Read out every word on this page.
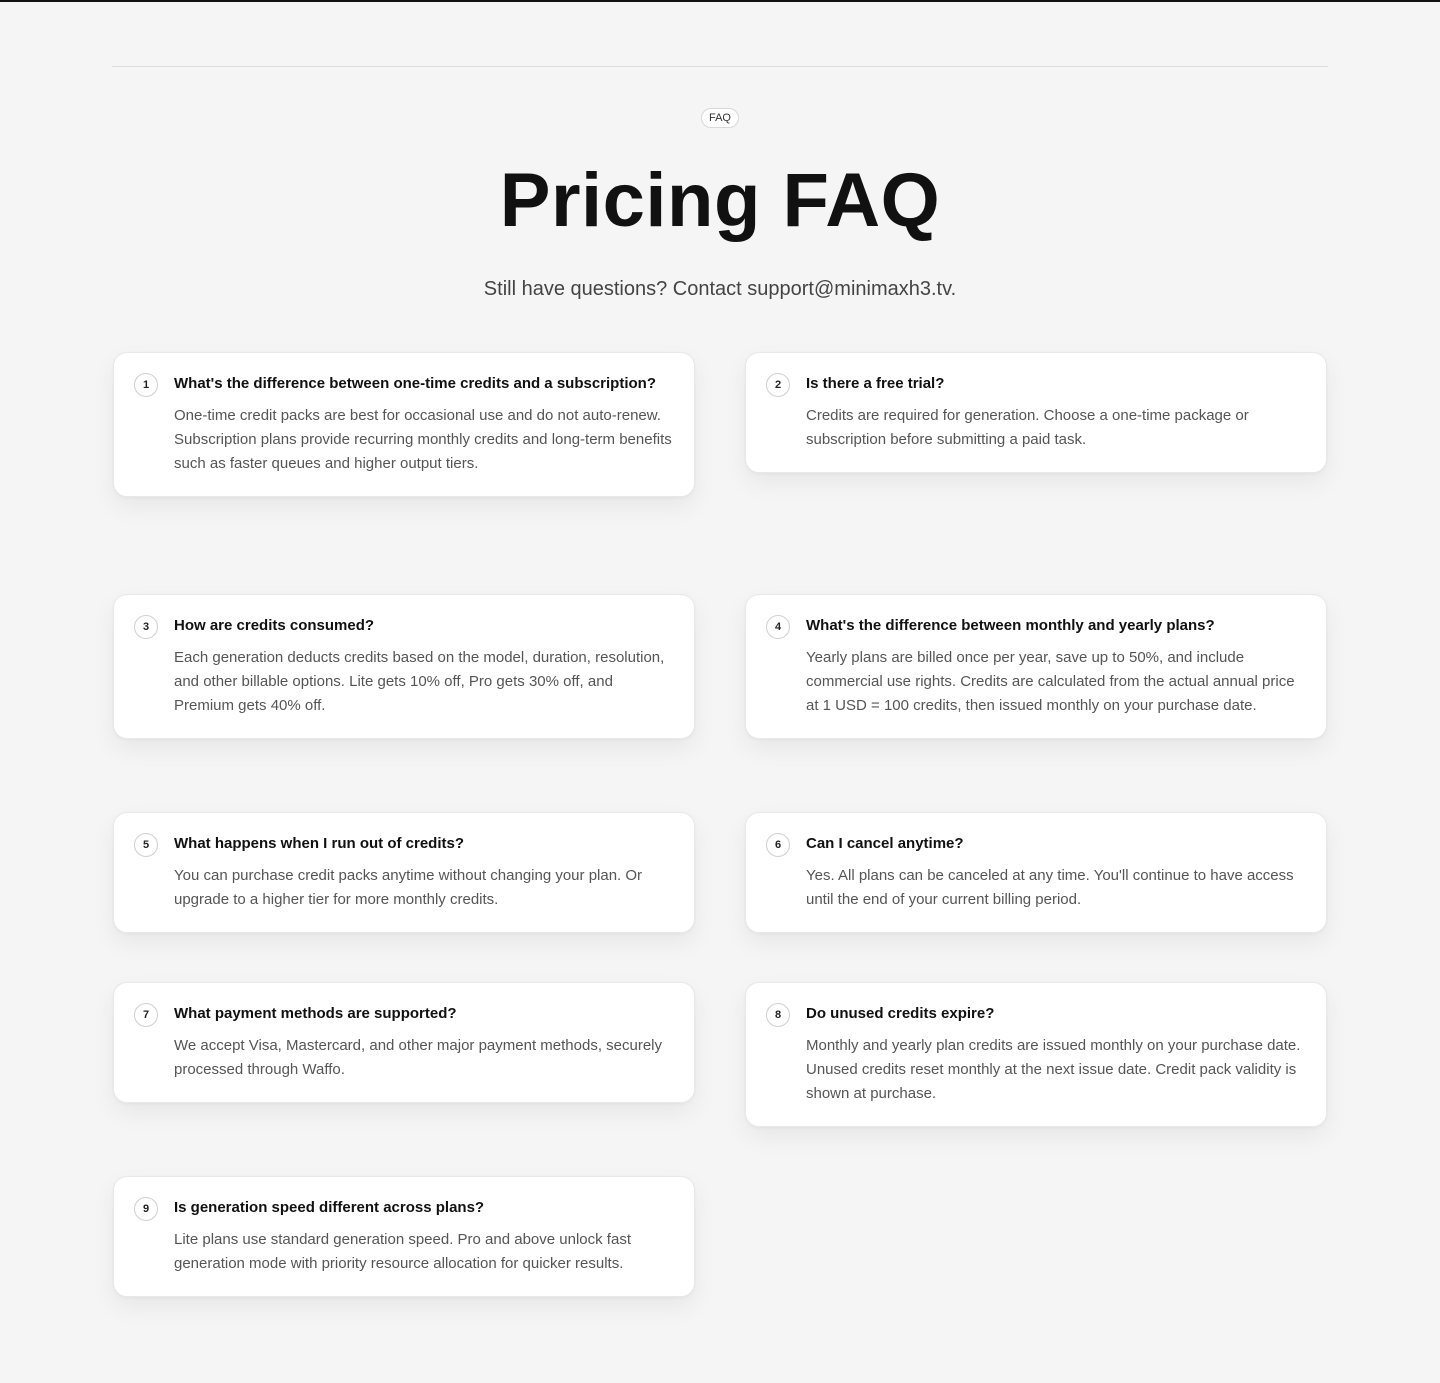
FAQ
Pricing FAQ

Still have questions? Contact support@minimaxh3.tv.

1	What's the difference between one-time credits and a subscription?

One-time credit packs are best for occasional use and do not auto-renew. Subscription plans provide recurring monthly credits and long-term benefits such as faster queues and higher output tiers.

2	Is there a free trial?

Credits are required for generation. Choose a one-time package or subscription before submitting a paid task.

3	How are credits consumed?

Each generation deducts credits based on the model, duration, resolution, and other billable options. Lite gets 10% off, Pro gets 30% off, and Premium gets 40% off.

4	What's the difference between monthly and yearly plans?

Yearly plans are billed once per year, save up to 50%, and include commercial use rights. Credits are calculated from the actual annual price at 1 USD = 100 credits, then issued monthly on your purchase date.

5	What happens when I run out of credits?

You can purchase credit packs anytime without changing your plan. Or upgrade to a higher tier for more monthly credits.

6	Can I cancel anytime?

Yes. All plans can be canceled at any time. You'll continue to have access until the end of your current billing period.

7	What payment methods are supported?

We accept Visa, Mastercard, and other major payment methods, securely processed through Waffo.

8	Do unused credits expire?

Monthly and yearly plan credits are issued monthly on your purchase date. Unused credits reset monthly at the next issue date. Credit pack validity is shown at purchase.

9	Is generation speed different across plans?

Lite plans use standard generation speed. Pro and above unlock fast generation mode with priority resource allocation for quicker results.
